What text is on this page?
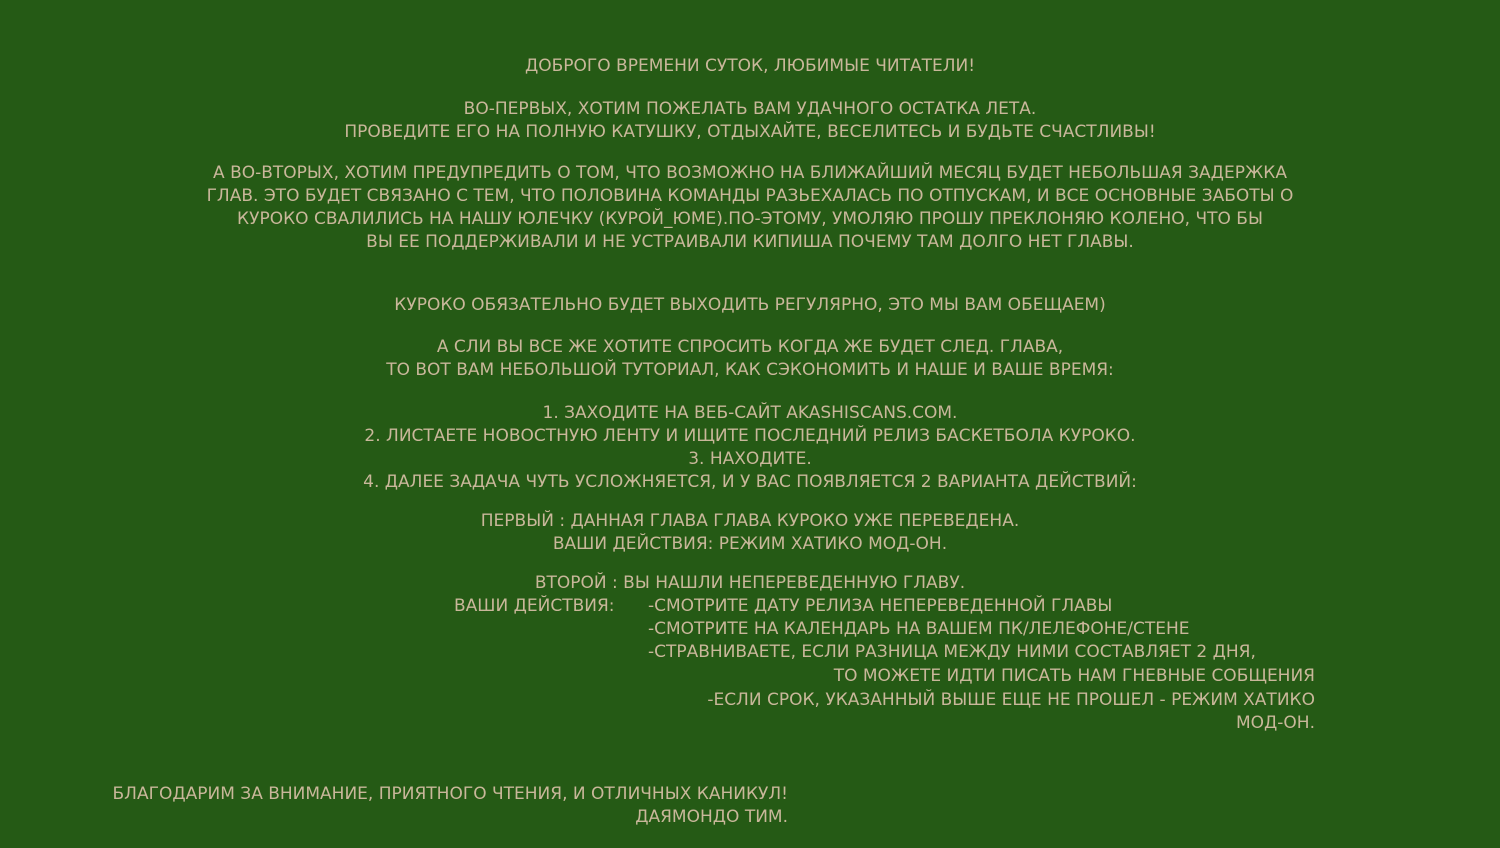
ДОБРОГО ВРЕМЕНИ СУТОК, ЛЮБИМЫЕ ЧИТАТЕЛИ!
ВО-ПЕРВЫХ, ХОТИМ ПОЖЕЛАТЬ ВАМ УДАЧНОГО ОСТАТКА ЛЕТА.
ПРОВЕДИТЕ ЕГО НА ПОЛНУЮ КАТУШКУ, ОТДЫХАЙТЕ, ВЕСЕЛИТЕСЬ И БУДЬТЕ СЧАСТЛИВЫ!
А ВО-ВТОРЫХ, ХОТИМ ПРЕДУПРЕДИТЬ О ТОМ, ЧТО ВОЗМОЖНО НА БЛИЖАЙШИЙ МЕСЯЦ БУДЕТ НЕБОЛЬШАЯ ЗАДЕРЖКА
ГЛАВ. ЭТО БУДЕТ СВЯЗАНО С ТЕМ, ЧТО ПОЛОВИНА КОМАНДЫ РАЗЬЕХАЛАСЬ ПО ОТПУСКАМ, И ВСЕ ОСНОВНЫЕ ЗАБОТЫ О
КУРОКО СВАЛИЛИСЬ НА НАШУ ЮЛЕЧКУ (КУРОЙ_ЮМЕ).ПО-ЭТОМУ, УМОЛЯЮ ПРОШУ ПРЕКЛОНЯЮ КОЛЕНО, ЧТО БЫ
ВЫ ЕЕ ПОДДЕРЖИВАЛИ И НЕ УСТРАИВАЛИ КИПИША ПОЧЕМУ ТАМ ДОЛГО НЕТ ГЛАВЫ.
КУРОКО ОБЯЗАТЕЛЬНО БУДЕТ ВЫХОДИТЬ РЕГУЛЯРНО, ЭТО МЫ ВАМ ОБЕЩАЕМ)
А СЛИ ВЫ ВСЕ ЖЕ ХОТИТЕ СПРОСИТЬ КОГДА ЖЕ БУДЕТ СЛЕД. ГЛАВА,
ТО ВОТ ВАМ НЕБОЛЬШОЙ ТУТОРИАЛ, КАК СЭКОНОМИТЬ И НАШЕ И ВАШЕ ВРЕМЯ:
1. ЗАХОДИТЕ НА ВЕБ-САЙТ AKASHISCANS.COM.
2. ЛИСТАЕТЕ НОВОСТНУЮ ЛЕНТУ И ИЩИТЕ ПОСЛЕДНИЙ РЕЛИЗ БАСКЕТБОЛА КУРОКО.
3. НАХОДИТЕ.
4. ДАЛЕЕ ЗАДАЧА ЧУТЬ УСЛОЖНЯЕТСЯ, И У ВАС ПОЯВЛЯЕТСЯ 2 ВАРИАНТА ДЕЙСТВИЙ:
ПЕРВЫЙ : ДАННАЯ ГЛАВА ГЛАВА КУРОКО УЖЕ ПЕРЕВЕДЕНА.
ВАШИ ДЕЙСТВИЯ: РЕЖИМ ХАТИКО МОД-ОН.
ВТОРОЙ : ВЫ НАШЛИ НЕПЕРЕВЕДЕННУЮ ГЛАВУ.
ВАШИ ДЕЙСТВИЯ: -СМОТРИТЕ ДАТУ РЕЛИЗА НЕПЕРЕВЕДЕННОЙ ГЛАВЫ
-СМОТРИТЕ НА КАЛЕНДАРЬ НА ВАШЕМ ПК/ЛЕЛЕФОНЕ/СТЕНЕ
-СТРАВНИВАЕТЕ, ЕСЛИ РАЗНИЦА МЕЖДУ НИМИ СОСТАВЛЯЕТ 2 ДНЯ,
ТО МОЖЕТЕ ИДТИ ПИСАТЬ НАМ ГНЕВНЫЕ СОБЩЕНИЯ
-ЕСЛИ СРОК, УКАЗАННЫЙ ВЫШЕ ЕЩЕ НЕ ПРОШЕЛ - РЕЖИМ ХАТИКО
МОД-ОН.
БЛАГОДАРИМ ЗА ВНИМАНИЕ, ПРИЯТНОГО ЧТЕНИЯ, И ОТЛИЧНЫХ КАНИКУЛ!
ДАЯМОНДО ТИМ.
